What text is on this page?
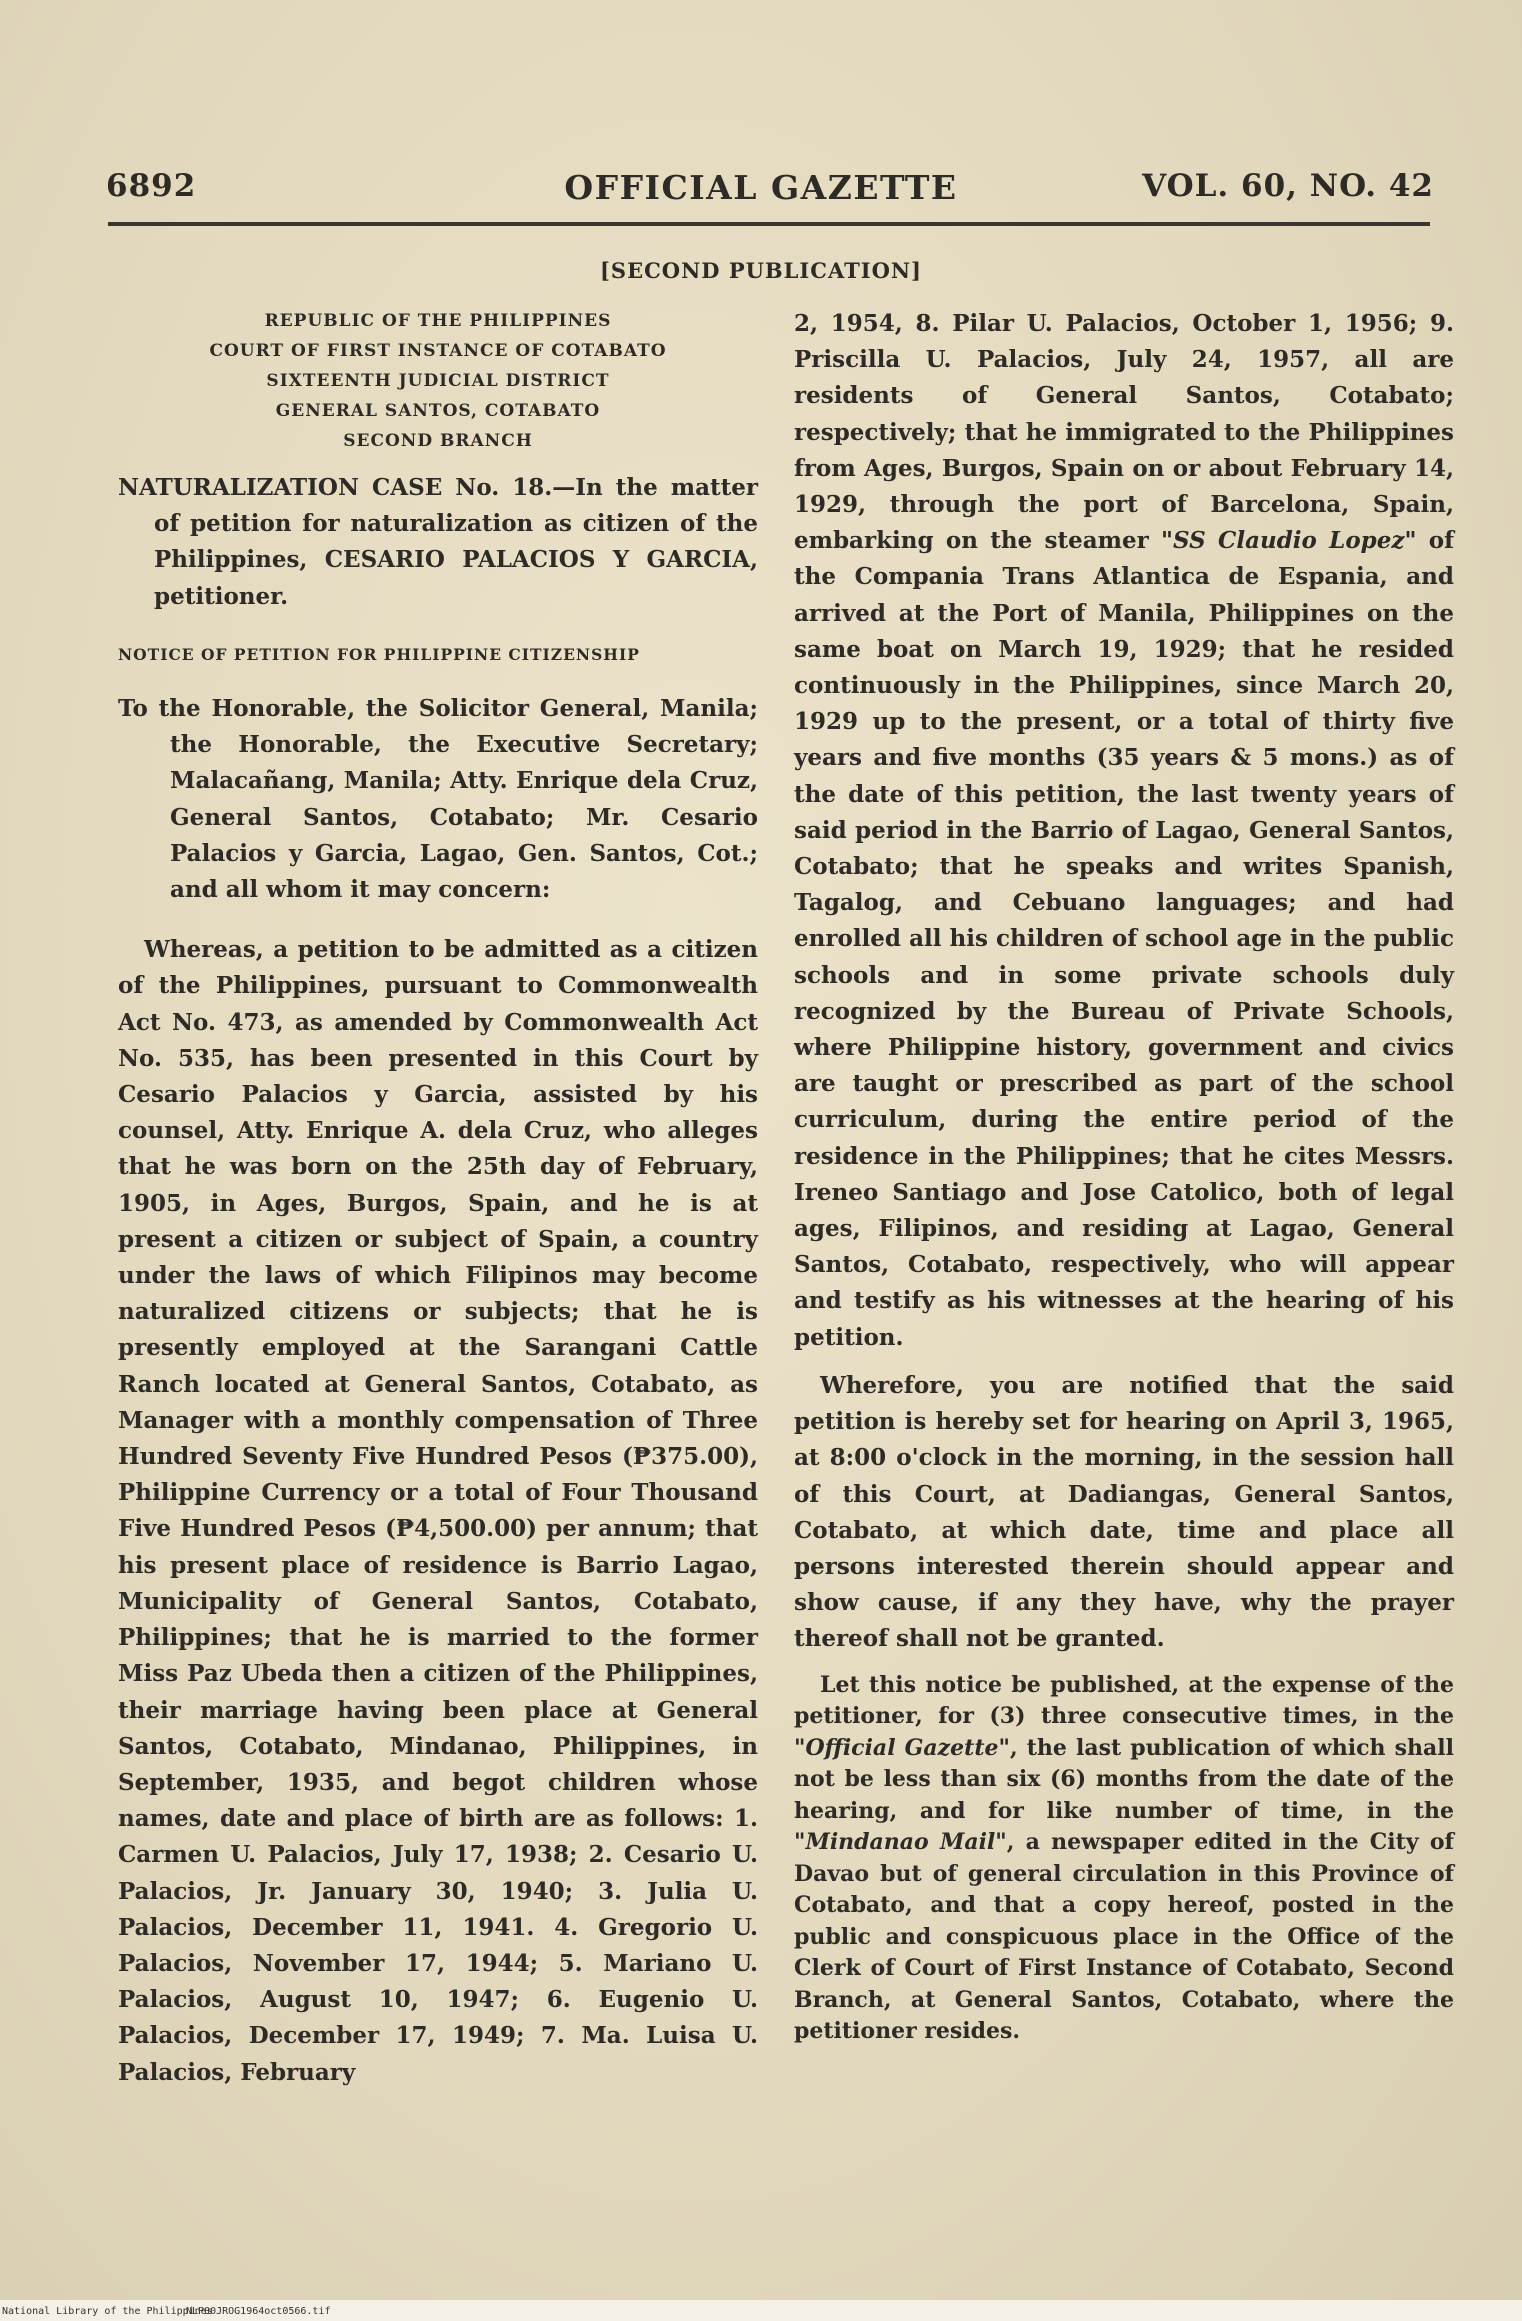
6892	OFFICIAL GAZETTE	VOL. 60, NO. 42
[SECOND PUBLICATION]
REPUBLIC OF THE PHILIPPINES
COURT OF FIRST INSTANCE OF COTABATO
SIXTEENTH JUDICIAL DISTRICT
GENERAL SANTOS, COTABATO
SECOND BRANCH

NATURALIZATION CASE No. 18.—In the matter of petition for naturalization as citizen of the Philippines, CESARIO PALACIOS Y GARCIA, petitioner.

NOTICE OF PETITION FOR PHILIPPINE CITIZENSHIP

To the Honorable, the Solicitor General, Manila; the Honorable, the Executive Secretary; Malacañang, Manila; Atty. Enrique dela Cruz, General Santos, Cotabato; Mr. Cesario Palacios y Garcia, Lagao, Gen. Santos, Cot.; and all whom it may concern:

Whereas, a petition to be admitted as a citizen of the Philippines, pursuant to Commonwealth Act No. 473, as amended by Commonwealth Act No. 535, has been presented in this Court by Cesario Palacios y Garcia, assisted by his counsel, Atty. Enrique A. dela Cruz, who alleges that he was born on the 25th day of February, 1905, in Ages, Burgos, Spain, and he is at present a citizen or subject of Spain, a country under the laws of which Filipinos may become naturalized citizens or subjects; that he is presently employed at the Sarangani Cattle Ranch located at General Santos, Cotabato, as Manager with a monthly compensation of Three Hundred Seventy Five Hundred Pesos (₱375.00), Philippine Currency or a total of Four Thousand Five Hundred Pesos (₱4,500.00) per annum; that his present place of residence is Barrio Lagao, Municipality of General Santos, Cotabato, Philippines; that he is married to the former Miss Paz Ubeda then a citizen of the Philippines, their marriage having been place at General Santos, Cotabato, Mindanao, Philippines, in September, 1935, and begot children whose names, date and place of birth are as follows: 1. Carmen U. Palacios, July 17, 1938; 2. Cesario U. Palacios, Jr. January 30, 1940; 3. Julia U. Palacios, December 11, 1941. 4. Gregorio U. Palacios, November 17, 1944; 5. Mariano U. Palacios, August 10, 1947; 6. Eugenio U. Palacios, December 17, 1949; 7. Ma. Luisa U. Palacios, February

2, 1954, 8. Pilar U. Palacios, October 1, 1956; 9. Priscilla U. Palacios, July 24, 1957, all are residents of General Santos, Cotabato; respectively; that he immigrated to the Philippines from Ages, Burgos, Spain on or about February 14, 1929, through the port of Barcelona, Spain, embarking on the steamer "SS Claudio Lopez" of the Compania Trans Atlantica de Espania, and arrived at the Port of Manila, Philippines on the same boat on March 19, 1929; that he resided continuously in the Philippines, since March 20, 1929 up to the present, or a total of thirty five years and five months (35 years & 5 mons.) as of the date of this petition, the last twenty years of said period in the Barrio of Lagao, General Santos, Cotabato; that he speaks and writes Spanish, Tagalog, and Cebuano languages; and had enrolled all his children of school age in the public schools and in some private schools duly recognized by the Bureau of Private Schools, where Philippine history, government and civics are taught or prescribed as part of the school curriculum, during the entire period of the residence in the Philippines; that he cites Messrs. Ireneo Santiago and Jose Catolico, both of legal ages, Filipinos, and residing at Lagao, General Santos, Cotabato, respectively, who will appear and testify as his witnesses at the hearing of his petition.

Wherefore, you are notified that the said petition is hereby set for hearing on April 3, 1965, at 8:00 o'clock in the morning, in the session hall of this Court, at Dadiangas, General Santos, Cotabato, at which date, time and place all persons interested therein should appear and show cause, if any they have, why the prayer thereof shall not be granted.

Let this notice be published, at the expense of the petitioner, for (3) three consecutive times, in the "Official Gazette", the last publication of which shall not be less than six (6) months from the date of the hearing, and for like number of time, in the "Mindanao Mail", a newspaper edited in the City of Davao but of general circulation in this Province of Cotabato, and that a copy hereof, posted in the public and conspicuous place in the Office of the Clerk of Court of First Instance of Cotabato, Second Branch, at General Santos, Cotabato, where the petitioner resides.

National Library of the Philippines
NLP00JROG1964oct0566.tif
